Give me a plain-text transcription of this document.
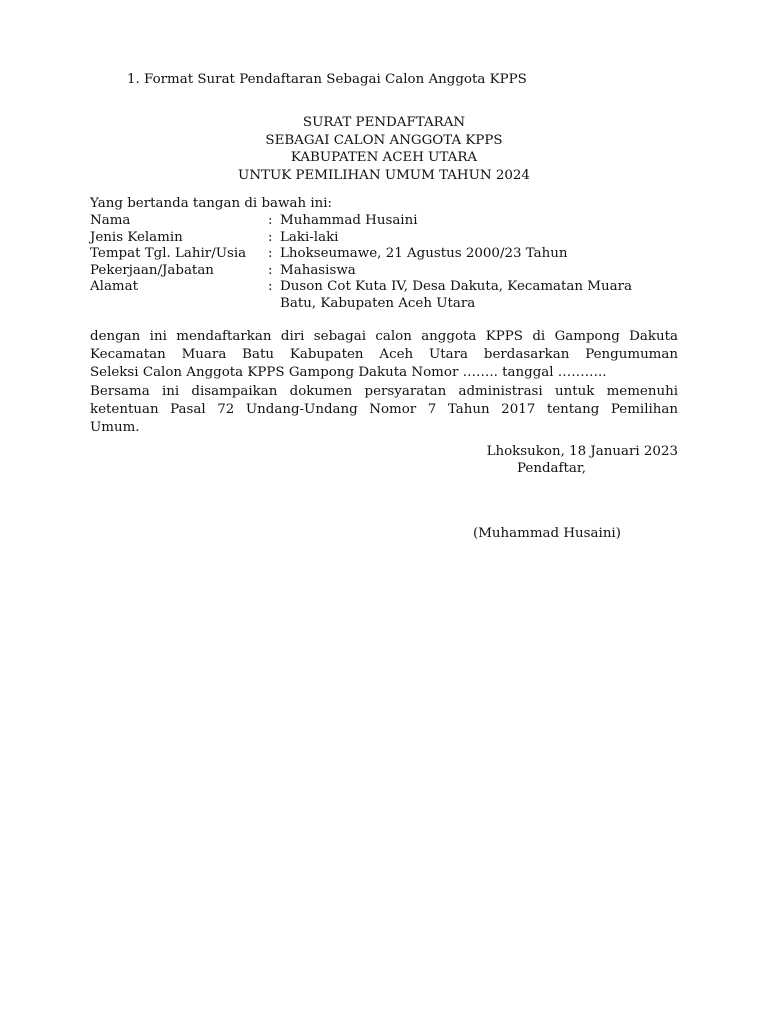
1. Format Surat Pendaftaran Sebagai Calon Anggota KPPS
SURAT PENDAFTARAN
SEBAGAI CALON ANGGOTA KPPS
KABUPATEN ACEH UTARA
UNTUK PEMILIHAN UMUM TAHUN 2024
Yang bertanda tangan di bawah ini:
Nama	: Muhammad Husaini
Jenis Kelamin	: Laki-laki
Tempat Tgl. Lahir/Usia	: Lhokseumawe, 21 Agustus 2000/23 Tahun
Pekerjaan/Jabatan	: Mahasiswa
Alamat	: Duson Cot Kuta IV, Desa Dakuta, Kecamatan Muara
Batu, Kabupaten Aceh Utara
dengan ini mendaftarkan diri sebagai calon anggota KPPS di Gampong Dakuta
Kecamatan Muara Batu Kabupaten Aceh Utara berdasarkan Pengumuman
Seleksi Calon Anggota KPPS Gampong Dakuta Nomor …….. tanggal ………..
Bersama ini disampaikan dokumen persyaratan administrasi untuk memenuhi
ketentuan Pasal 72 Undang-Undang Nomor 7 Tahun 2017 tentang Pemilihan
Umum.
Lhoksukon, 18 Januari 2023
Pendaftar,
(Muhammad Husaini)
